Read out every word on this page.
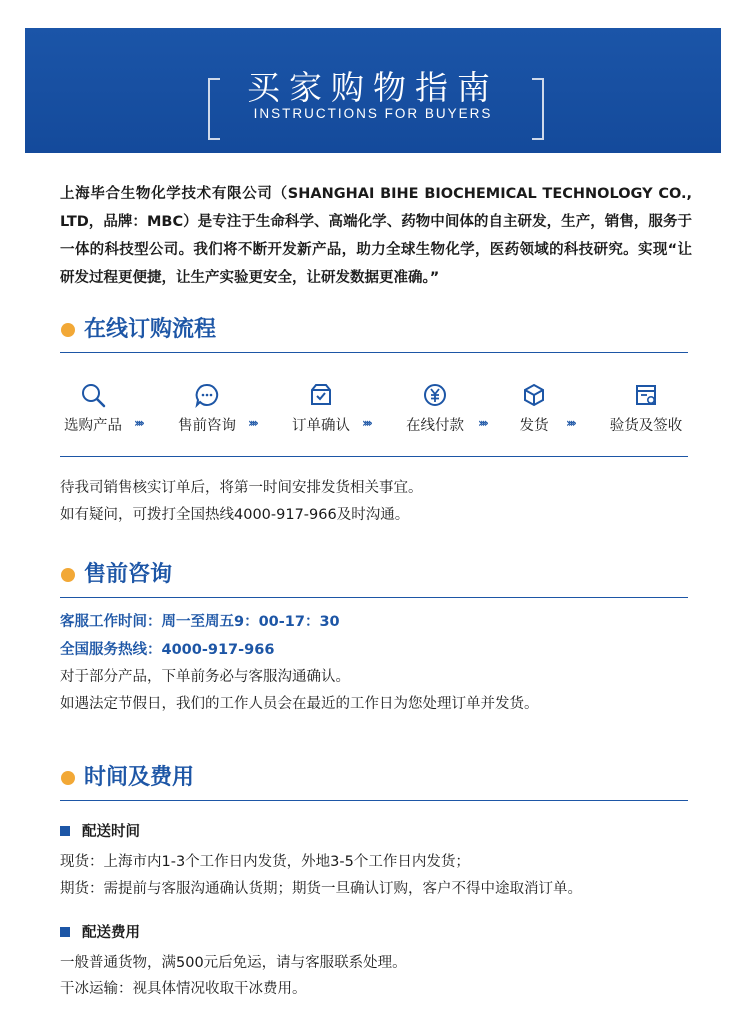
买家购物指南
INSTRUCTIONS FOR BUYERS
上海毕合生物化学技术有限公司（SHANGHAI BIHE BIOCHEMICAL TECHNOLOGY CO., LTD，品牌：MBC）是专注于生命科学、高端化学、药物中间体的自主研发，生产，销售，服务于一体的科技型公司。我们将不断开发新产品，助力全球生物化学，医药领域的科技研究。实现“让研发过程更便捷，让生产实验更安全，让研发数据更准确。”
在线订购流程
选购产品	›››› 售前咨询	›››› 订单确认	›››› 在线付款	››››	发货	››››	验货及签收
待我司销售核实订单后，将第一时间安排发货相关事宜。
如有疑问，可拨打全国热线4000-917-966及时沟通。
售前咨询
客服工作时间：周一至周五9：00-17：30
全国服务热线：4000-917-966
对于部分产品，下单前务必与客服沟通确认。
如遇法定节假日，我们的工作人员会在最近的工作日为您处理订单并发货。
时间及费用
配送时间
现货：上海市内1-3个工作日内发货，外地3-5个工作日内发货；
期货：需提前与客服沟通确认货期；期货一旦确认订购，客户不得中途取消订单。
配送费用
一般普通货物，满500元后免运，请与客服联系处理。
干冰运输：视具体情况收取干冰费用。
